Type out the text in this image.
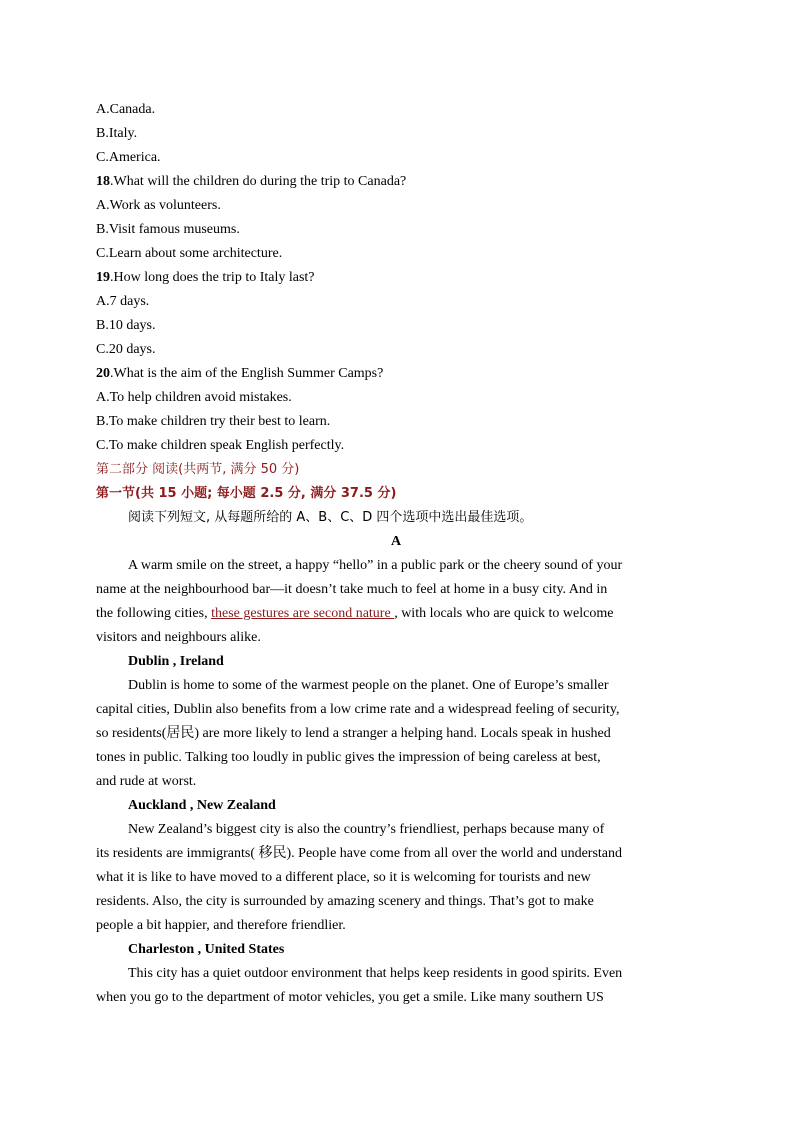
A.Canada.
B.Italy.
C.America.
18.What will the children do during the trip to Canada?
A.Work as volunteers.
B.Visit famous museums.
C.Learn about some architecture.
19.How long does the trip to Italy last?
A.7 days.
B.10 days.
C.20 days.
20.What is the aim of the English Summer Camps?
A.To help children avoid mistakes.
B.To make children try their best to learn.
C.To make children speak English perfectly.
第二部分 阅读(共两节, 满分 50 分)
第一节(共 15 小题; 每小题 2.5 分, 满分 37.5 分)
阅读下列短文, 从每题所给的 A、B、C、D 四个选项中选出最佳选项。
A
A warm smile on the street, a happy “hello” in a public park or the cheery sound of your
name at the neighbourhood bar—it doesn’t take much to feel at home in a busy city. And in
the following cities, these gestures are second nature , with locals who are quick to welcome
visitors and neighbours alike.
Dublin , Ireland
Dublin is home to some of the warmest people on the planet. One of Europe’s smaller
capital cities, Dublin also benefits from a low crime rate and a widespread feeling of security,
so residents(居民) are more likely to lend a stranger a helping hand. Locals speak in hushed
tones in public. Talking too loudly in public gives the impression of being careless at best,
and rude at worst.
Auckland , New Zealand
New Zealand’s biggest city is also the country’s friendliest, perhaps because many of
its residents are immigrants( 移民). People have come from all over the world and understand
what it is like to have moved to a different place, so it is welcoming for tourists and new
residents. Also, the city is surrounded by amazing scenery and things. That’s got to make
people a bit happier, and therefore friendlier.
Charleston , United States
This city has a quiet outdoor environment that helps keep residents in good spirits. Even
when you go to the department of motor vehicles, you get a smile. Like many southern US
